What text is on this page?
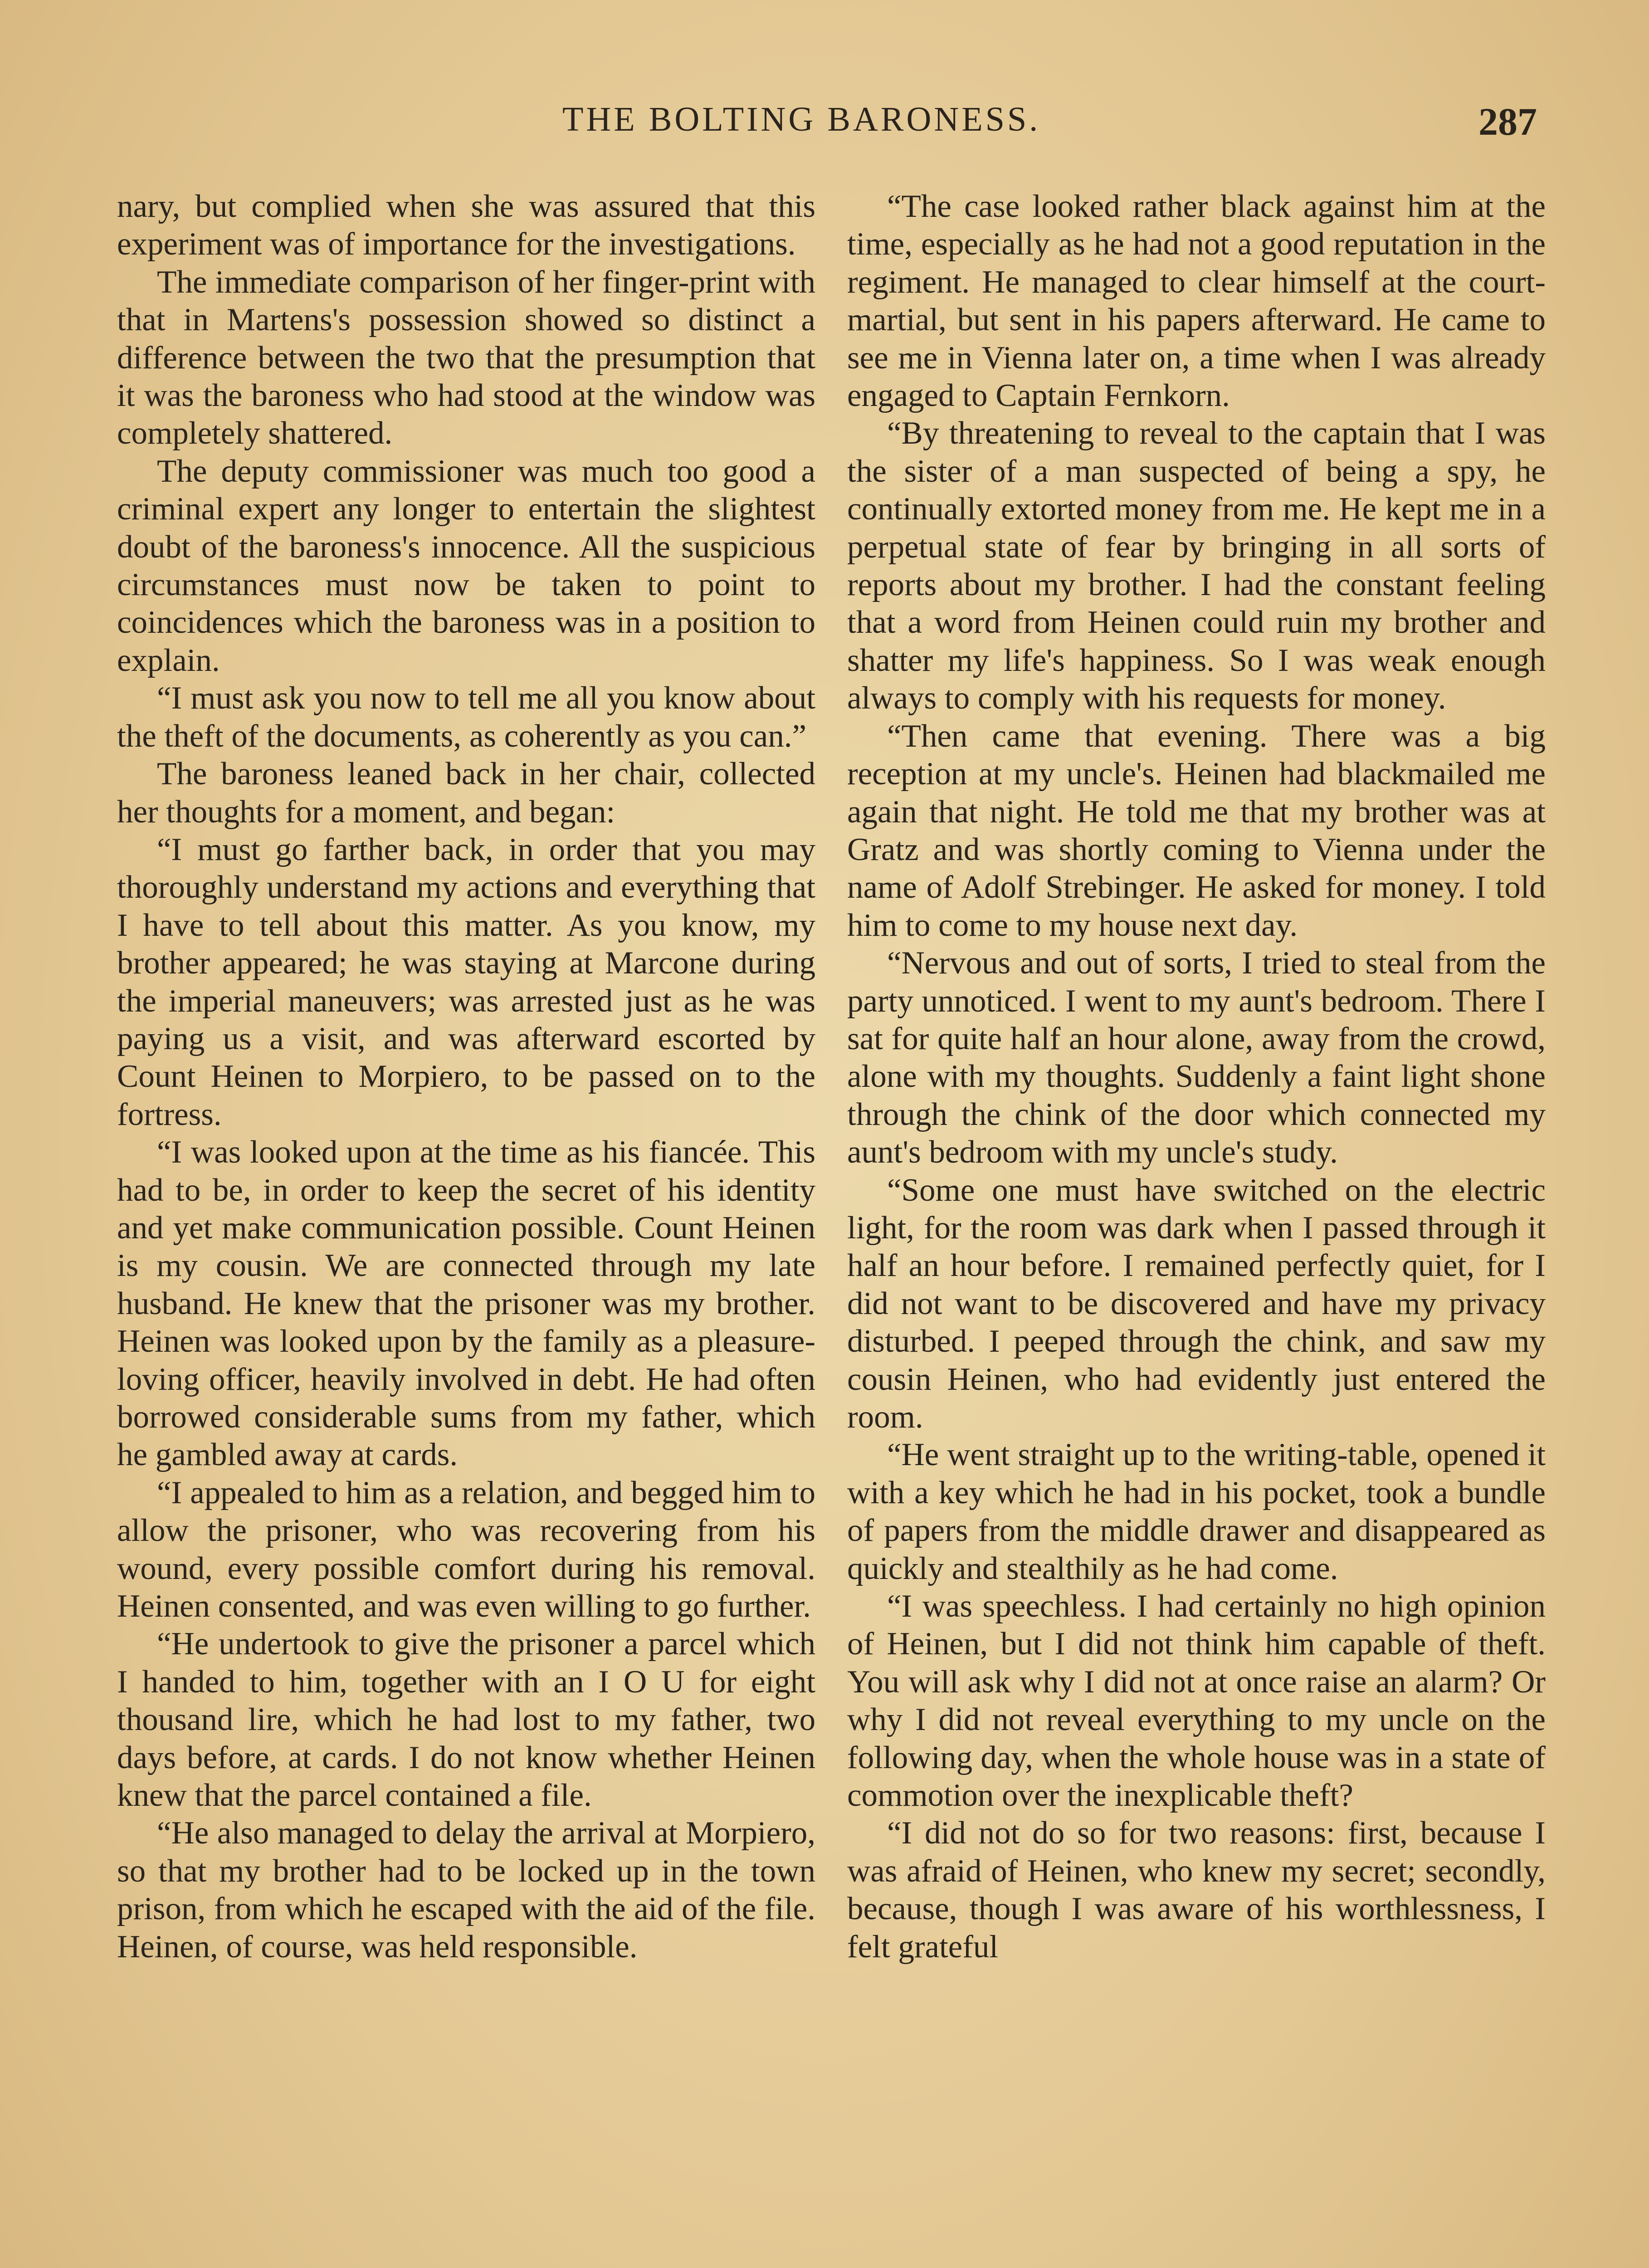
THE BOLTING BARONESS.	287

nary, but complied when she was assured that this experiment was of importance for the investigations.

The immediate comparison of her finger-print with that in Martens's possession showed so distinct a difference between the two that the presumption that it was the baroness who had stood at the window was completely shattered.

The deputy commissioner was much too good a criminal expert any longer to entertain the slightest doubt of the baroness's innocence. All the suspicious circumstances must now be taken to point to coincidences which the baroness was in a position to explain.

“I must ask you now to tell me all you know about the theft of the documents, as coherently as you can.”

The baroness leaned back in her chair, collected her thoughts for a moment, and began:

“I must go farther back, in order that you may thoroughly understand my actions and everything that I have to tell about this matter. As you know, my brother appeared; he was staying at Marcone during the imperial maneuvers; was arrested just as he was paying us a visit, and was afterward escorted by Count Heinen to Morpiero, to be passed on to the fortress.

“I was looked upon at the time as his fiancée. This had to be, in order to keep the secret of his identity and yet make communication possible. Count Heinen is my cousin. We are connected through my late husband. He knew that the prisoner was my brother. Heinen was looked upon by the family as a pleasure-loving officer, heavily involved in debt. He had often borrowed considerable sums from my father, which he gambled away at cards.

“I appealed to him as a relation, and begged him to allow the prisoner, who was recovering from his wound, every possible comfort during his removal. Heinen consented, and was even willing to go further.

“He undertook to give the prisoner a parcel which I handed to him, together with an I O U for eight thousand lire, which he had lost to my father, two days before, at cards. I do not know whether Heinen knew that the parcel contained a file.

“He also managed to delay the arrival at Morpiero, so that my brother had to be locked up in the town prison, from which he escaped with the aid of the file. Heinen, of course, was held responsible.

“The case looked rather black against him at the time, especially as he had not a good reputation in the regiment. He managed to clear himself at the court-martial, but sent in his papers afterward. He came to see me in Vienna later on, a time when I was already engaged to Captain Fernkorn.

“By threatening to reveal to the captain that I was the sister of a man suspected of being a spy, he continually extorted money from me. He kept me in a perpetual state of fear by bringing in all sorts of reports about my brother. I had the constant feeling that a word from Heinen could ruin my brother and shatter my life's happiness. So I was weak enough always to comply with his requests for money.

“Then came that evening. There was a big reception at my uncle's. Heinen had blackmailed me again that night. He told me that my brother was at Gratz and was shortly coming to Vienna under the name of Adolf Strebinger. He asked for money. I told him to come to my house next day.

“Nervous and out of sorts, I tried to steal from the party unnoticed. I went to my aunt's bedroom. There I sat for quite half an hour alone, away from the crowd, alone with my thoughts. Suddenly a faint light shone through the chink of the door which connected my aunt's bedroom with my uncle's study.

“Some one must have switched on the electric light, for the room was dark when I passed through it half an hour before. I remained perfectly quiet, for I did not want to be discovered and have my privacy disturbed. I peeped through the chink, and saw my cousin Heinen, who had evidently just entered the room.

“He went straight up to the writing-table, opened it with a key which he had in his pocket, took a bundle of papers from the middle drawer and disappeared as quickly and stealthily as he had come.

“I was speechless. I had certainly no high opinion of Heinen, but I did not think him capable of theft. You will ask why I did not at once raise an alarm? Or why I did not reveal everything to my uncle on the following day, when the whole house was in a state of commotion over the inexplicable theft?

“I did not do so for two reasons: first, because I was afraid of Heinen, who knew my secret; secondly, because, though I was aware of his worthlessness, I felt grateful
